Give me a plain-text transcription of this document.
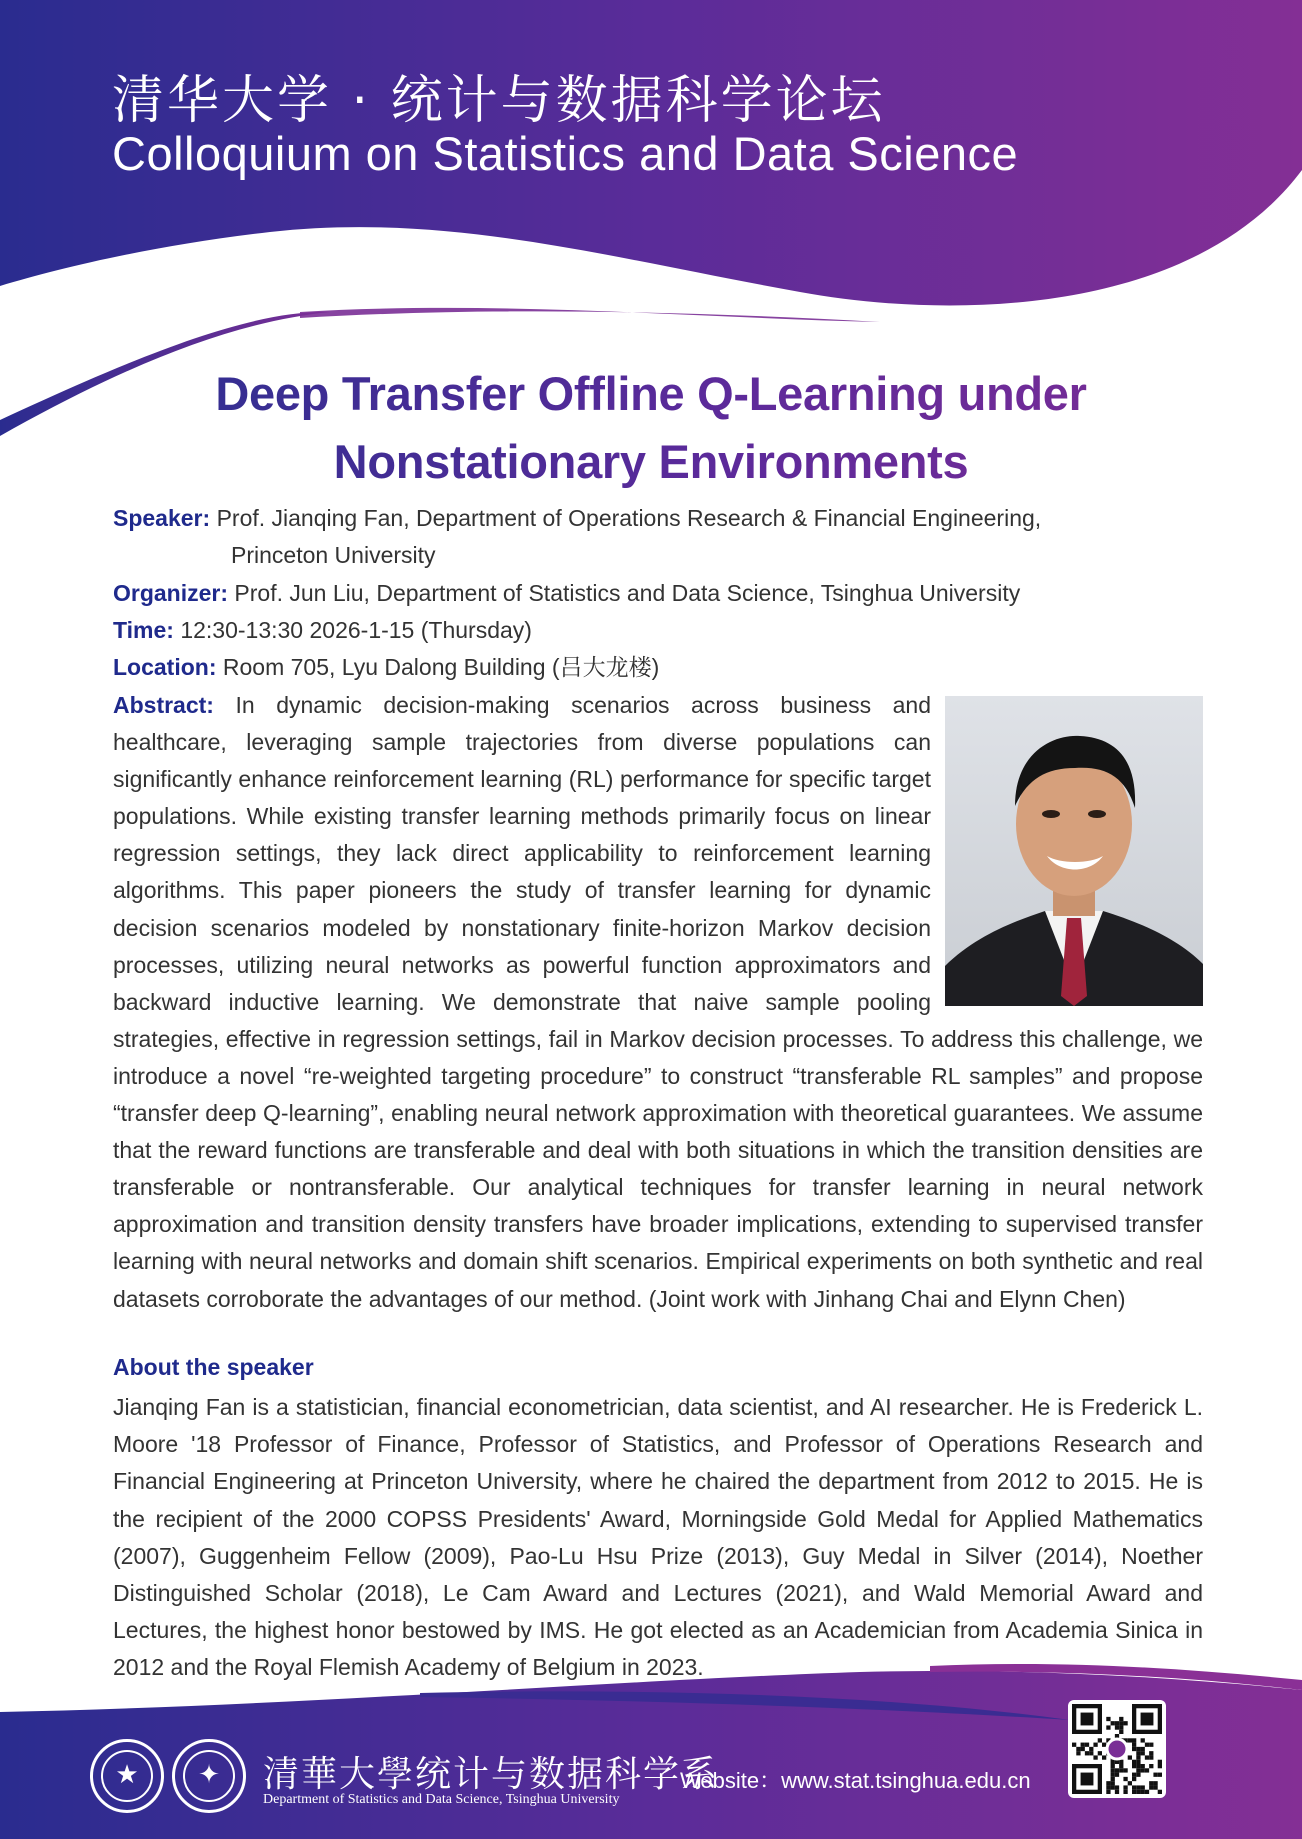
清华大学 · 统计与数据科学论坛
Colloquium on Statistics and Data Science
Deep Transfer Offline Q-Learning under
Nonstationary Environments
Speaker: Prof. Jianqing Fan, Department of Operations Research & Financial Engineering,
Princeton University
Organizer: Prof. Jun Liu, Department of Statistics and Data Science, Tsinghua University
Time: 12:30-13:30 2026-1-15 (Thursday)
Location: Room 705, Lyu Dalong Building (吕大龙楼)
Abstract: In dynamic decision-making scenarios across business and healthcare, leveraging sample trajectories from diverse populations can significantly enhance reinforcement learning (RL) performance for specific target populations. While existing transfer learning methods primarily focus on linear regression settings, they lack direct applicability to reinforcement learning algorithms. This paper pioneers the study of transfer learning for dynamic decision scenarios modeled by nonstationary finite-horizon Markov decision processes, utilizing neural networks as powerful function approximators and backward inductive learning. We demonstrate that naive sample pooling strategies, effective in regression settings, fail in Markov decision processes. To address this challenge, we introduce a novel “re-weighted targeting procedure” to construct “transferable RL samples” and propose “transfer deep Q-learning”, enabling neural network approximation with theoretical guarantees. We assume that the reward functions are transferable and deal with both situations in which the transition densities are transferable or nontransferable. Our analytical techniques for transfer learning in neural network approximation and transition density transfers have broader implications, extending to supervised transfer learning with neural networks and domain shift scenarios. Empirical experiments on both synthetic and real datasets corroborate the advantages of our method. (Joint work with Jinhang Chai and Elynn Chen)
About the speaker

Jianqing Fan is a statistician, financial econometrician, data scientist, and AI researcher. He is Frederick L. Moore '18 Professor of Finance, Professor of Statistics, and Professor of Operations Research and Financial Engineering at Princeton University, where he chaired the department from 2012 to 2015. He is the recipient of the 2000 COPSS Presidents' Award, Morningside Gold Medal for Applied Mathematics (2007), Guggenheim Fellow (2009), Pao-Lu Hsu Prize (2013), Guy Medal in Silver (2014), Noether Distinguished Scholar (2018), Le Cam Award and Lectures (2021), and Wald Memorial Award and Lectures, the highest honor bestowed by IMS. He got elected as an Academician from Academia Sinica in 2012 and the Royal Flemish Academy of Belgium in 2023.

★	✦	清華大學统计与数据科学系

Department of Statistics and Data Science, Tsinghua University

Website：www.stat.tsinghua.edu.cn
